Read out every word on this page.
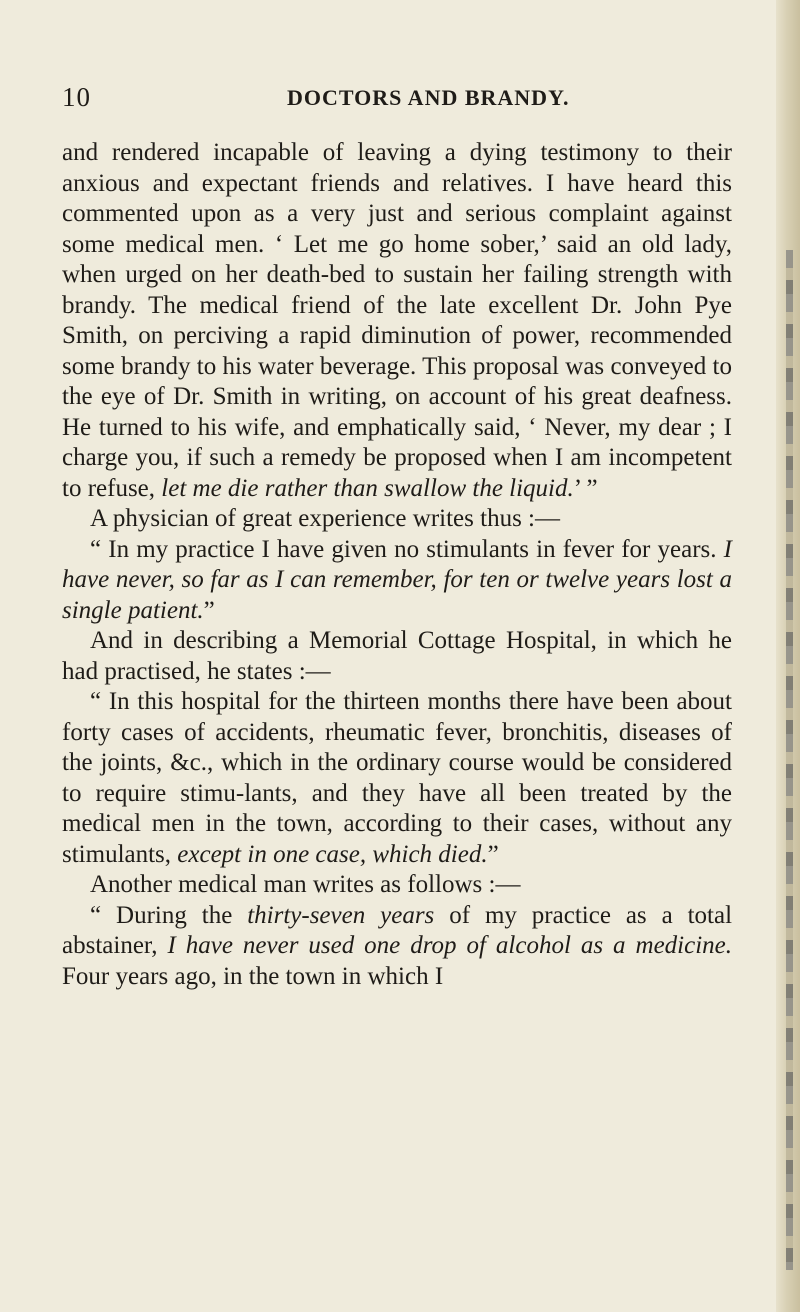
10	DOCTORS AND BRANDY.

and rendered incapable of leaving a dying testimony to their anxious and expectant friends and relatives. I have heard this commented upon as a very just and serious complaint against some medical men. ‘ Let me go home sober,’ said an old lady, when urged on her death-bed to sustain her failing strength with brandy. The medical friend of the late excellent Dr. John Pye Smith, on perciving a rapid diminution of power, recommended some brandy to his water beverage. This proposal was conveyed to the eye of Dr. Smith in writing, on account of his great deafness. He turned to his wife, and emphatically said, ‘ Never, my dear ; I charge you, if such a remedy be proposed when I am incompetent to refuse, let me die rather than swallow the liquid.’ ”

A physician of great experience writes thus :—

“ In my practice I have given no stimulants in fever for years. I have never, so far as I can remember, for ten or twelve years lost a single patient.”

And in describing a Memorial Cottage Hospital, in which he had practised, he states :—

“ In this hospital for the thirteen months there have been about forty cases of accidents, rheumatic fever, bronchitis, diseases of the joints, &c., which in the ordinary course would be considered to require stimu-lants, and they have all been treated by the medical men in the town, according to their cases, without any stimulants, except in one case, which died.”

Another medical man writes as follows :—

“ During the thirty-seven years of my practice as a total abstainer, I have never used one drop of alcohol as a medicine. Four years ago, in the town in which I
